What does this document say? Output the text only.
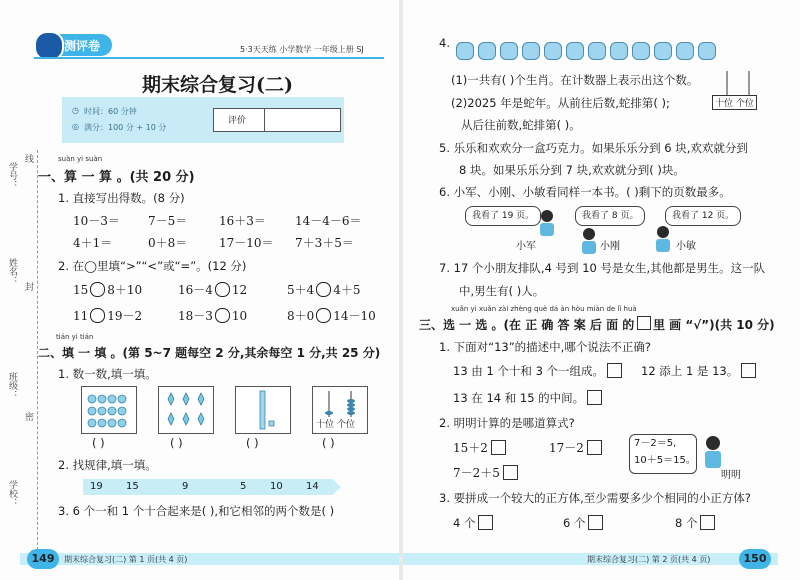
测评卷	5·3天天练 小学数学 一年级上册 SJ
期末综合复习(二)
◷ 时间：60 分钟
◎ 满分：100 分 + 10 分
评价
学号：
线
姓名：
封
班级：
密
学校：
suàn yi suàn
一、算 一 算 。(共 20 分)
1. 直接写出得数。(8 分)
10－3＝ 7－5＝	16＋3＝ 14－4－6＝
4＋1＝	0＋8＝	17－10＝ 7＋3＋5＝
2. 在◯里填“>”“<”或“=”。(12 分)
15 8＋10	16－4 12	5＋4 4＋5
11 19－2	18－3 10	8＋0 14－10
tián yi tián
二、填 一 填 。(第 5~7 题每空 2 分,其余每空 1 分,共 25 分)
1. 数一数,填一填。
十位 个位
( )	( )	( )	( )
2. 找规律,填一填。
19 15	9	5 10 14
3. 6 个一和 1 个十合起来是( ),和它相邻的两个数是( )
149	期末综合复习(二) 第 1 页(共 4 页)
4.
(1)一共有( )个生肖。在计数器上表示出这个数。
(2)2025 年是蛇年。从前往后数,蛇排第( );
从后往前数,蛇排第( )。
十位 个位
5. 乐乐和欢欢分一盒巧克力。如果乐乐分到 6 块,欢欢就分到
8 块。如果乐乐分到 7 块,欢欢就分到( )块。
6. 小军、小刚、小敏看同样一本书。( )剩下的页数最多。
我看了 19 页。	我看了 8 页。	我看了 12 页。
小军	小刚	小敏
7. 17 个小朋友排队,4 号到 10 号是女生,其他都是男生。这一队
中,男生有( )人。
xuǎn yi xuǎn zài zhèng què dá àn hòu miàn de lǐ huà
三、选 一 选 。(在 正 确 答 案 后 面 的 里 画 “√”)(共 10 分)
1. 下面对“13”的描述中,哪个说法不正确?
13 由 1 个十和 3 个一组成。	12 添上 1 是 13。
13 在 14 和 15 的中间。
2. 明明计算的是哪道算式?
15＋2	17－2
7－2＋5
7－2＝5,
10＋5＝15。
明明
3. 要拼成一个较大的正方体,至少需要多少个相同的小正方体?
4 个	6 个	8 个
期末综合复习(二) 第 2 页(共 4 页)	150
